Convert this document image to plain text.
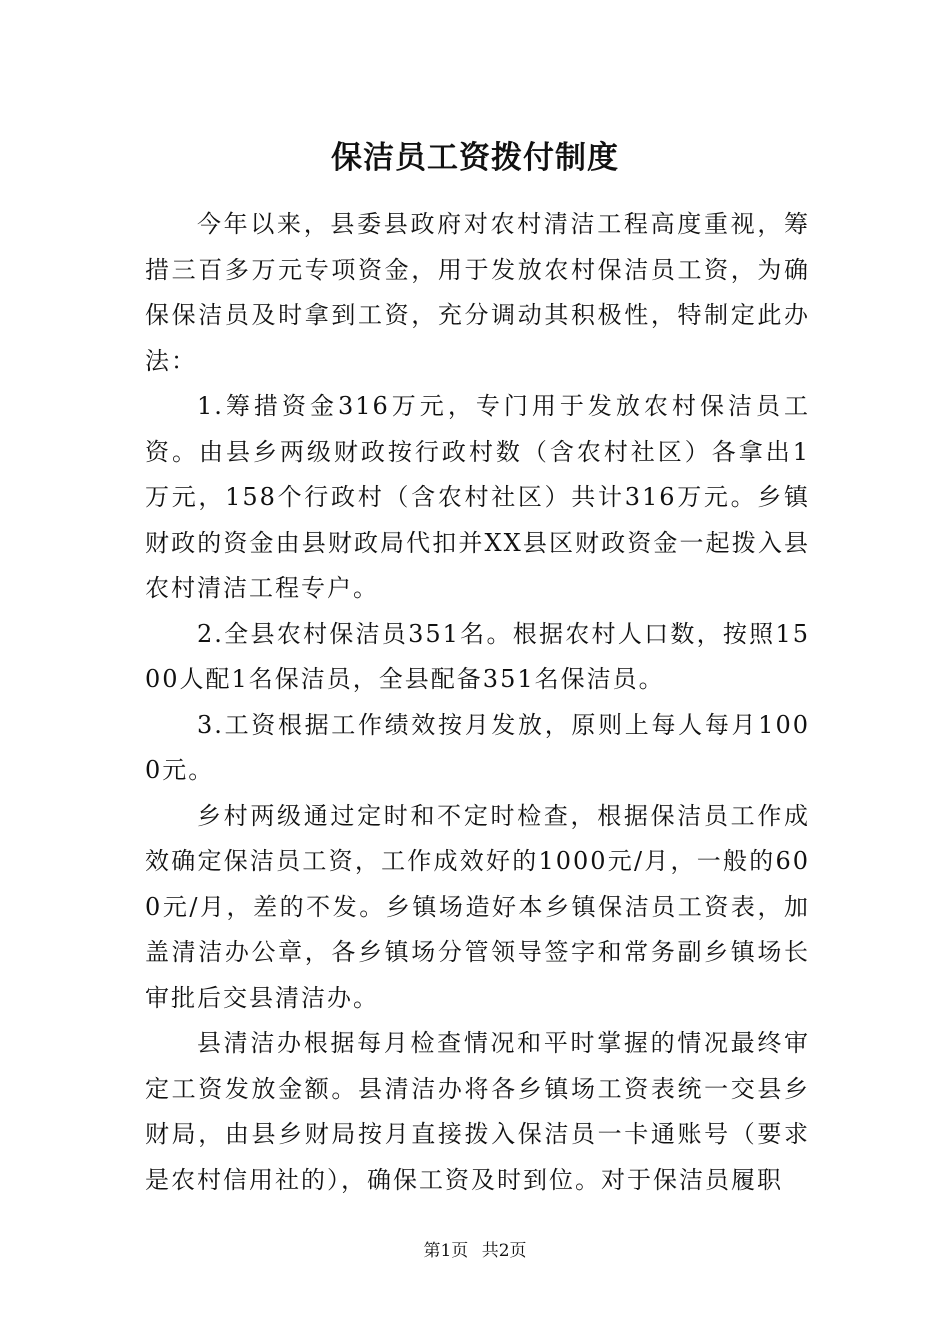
保洁员工资拨付制度

今年以来，县委县政府对农村清洁工程高度重视，筹措三百多万元专项资金，用于发放农村保洁员工资，为确保保洁员及时拿到工资，充分调动其积极性，特制定此办法：

1.筹措资金316万元，专门用于发放农村保洁员工资。由县乡两级财政按行政村数（含农村社区）各拿出1万元，158个行政村（含农村社区）共计316万元。乡镇财政的资金由县财政局代扣并XX县区财政资金一起拨入县农村清洁工程专户。

2.全县农村保洁员351名。根据农村人口数，按照1500人配1名保洁员，全县配备351名保洁员。

3.工资根据工作绩效按月发放，原则上每人每月1000元。

乡村两级通过定时和不定时检查，根据保洁员工作成效确定保洁员工资，工作成效好的1000元/月，一般的600元/月，差的不发。乡镇场造好本乡镇保洁员工资表，加盖清洁办公章，各乡镇场分管领导签字和常务副乡镇场长审批后交县清洁办。

县清洁办根据每月检查情况和平时掌握的情况最终审定工资发放金额。县清洁办将各乡镇场工资表统一交县乡财局，由县乡财局按月直接拨入保洁员一卡通账号（要求是农村信用社的），确保工资及时到位。对于保洁员履职

第1页 共2页
